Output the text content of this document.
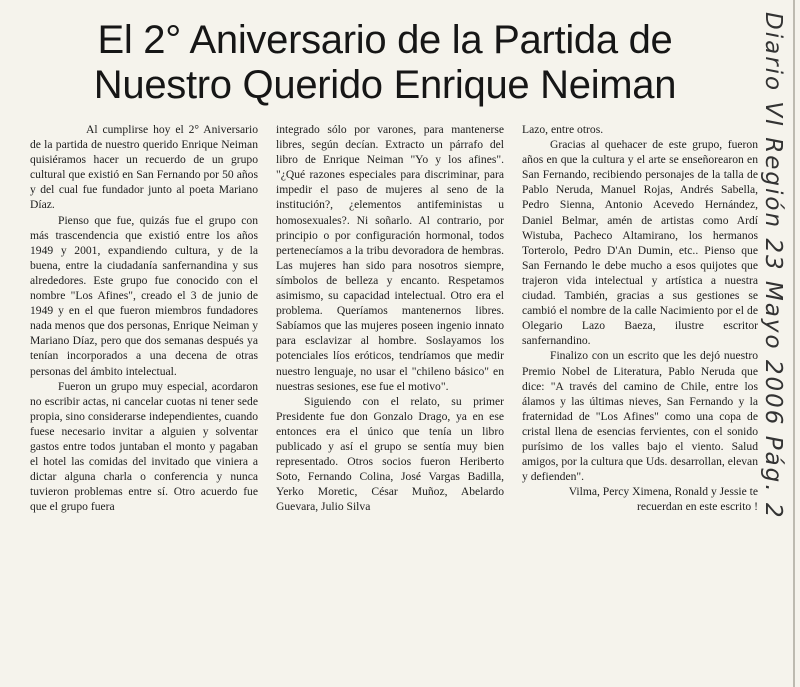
El 2° Aniversario de la Partida de
Nuestro Querido Enrique Neiman

Al cumplirse hoy el 2° Aniversario de la partida de nuestro querido Enrique Neiman quisiéramos hacer un recuerdo de un grupo cultural que existió en San Fernando por 50 años y del cual fue fundador junto al poeta Mariano Díaz.

Pienso que fue, quizás fue el grupo con más trascendencia que existió entre los años 1949 y 2001, expandiendo cultura, y de la buena, entre la ciudadanía sanfernandina y sus alrededores. Este grupo fue conocido con el nombre "Los Afines", creado el 3 de junio de 1949 y en el que fueron miembros fundadores nada menos que dos personas, Enrique Neiman y Mariano Díaz, pero que dos semanas después ya tenían incorporados a una decena de otras personas del ámbito intelectual.

Fueron un grupo muy especial, acordaron no escribir actas, ni cancelar cuotas ni tener sede propia, sino considerarse independientes, cuando fuese necesario invitar a alguien y solventar gastos entre todos juntaban el monto y pagaban el hotel las comidas del invitado que viniera a dictar alguna charla o conferencia y nunca tuvieron problemas entre sí. Otro acuerdo fue que el grupo fuera

integrado sólo por varones, para mantenerse libres, según decían. Extracto un párrafo del libro de Enrique Neiman "Yo y los afines". "¿Qué razones especiales para discriminar, para impedir el paso de mujeres al seno de la institución?, ¿elementos antifeministas u homosexuales?. Ni soñarlo. Al contrario, por principio o por configuración hormonal, todos pertenecíamos a la tribu devoradora de hembras. Las mujeres han sido para nosotros siempre, símbolos de belleza y encanto. Respetamos asimismo, su capacidad intelectual. Otro era el problema. Queríamos mantenernos libres. Sabíamos que las mujeres poseen ingenio innato para esclavizar al hombre. Soslayamos los potenciales líos eróticos, tendríamos que medir nuestro lenguaje, no usar el "chileno básico" en nuestras sesiones, ese fue el motivo".

Siguiendo con el relato, su primer Presidente fue don Gonzalo Drago, ya en ese entonces era el único que tenía un libro publicado y así el grupo se sentía muy bien representado. Otros socios fueron Heriberto Soto, Fernando Colina, José Vargas Badilla, Yerko Moretic, César Muñoz, Abelardo Guevara, Julio Silva

Lazo, entre otros.

Gracias al quehacer de este grupo, fueron años en que la cultura y el arte se enseñorearon en San Fernando, recibiendo personajes de la talla de Pablo Neruda, Manuel Rojas, Andrés Sabella, Pedro Sienna, Antonio Acevedo Hernández, Daniel Belmar, amén de artistas como Ardí Wistuba, Pacheco Altamirano, los hermanos Torterolo, Pedro D'An Dumin, etc.. Pienso que San Fernando le debe mucho a esos quijotes que trajeron vida intelectual y artística a nuestra ciudad. También, gracias a sus gestiones se cambió el nombre de la calle Nacimiento por el de Olegario Lazo Baeza, ilustre escritor sanfernandino.

Finalizo con un escrito que les dejó nuestro Premio Nobel de Literatura, Pablo Neruda que dice: "A través del camino de Chile, entre los álamos y las últimas nieves, San Fernando y la fraternidad de "Los Afines" como una copa de cristal llena de esencias fervientes, con el sonido purísimo de los valles bajo el viento. Salud amigos, por la cultura que Uds. desarrollan, elevan y defienden".

Vilma, Percy Ximena, Ronald y Jessie te recuerdan en este escrito ! Diario VI Región 23 Mayo 2006 Pág. 2
